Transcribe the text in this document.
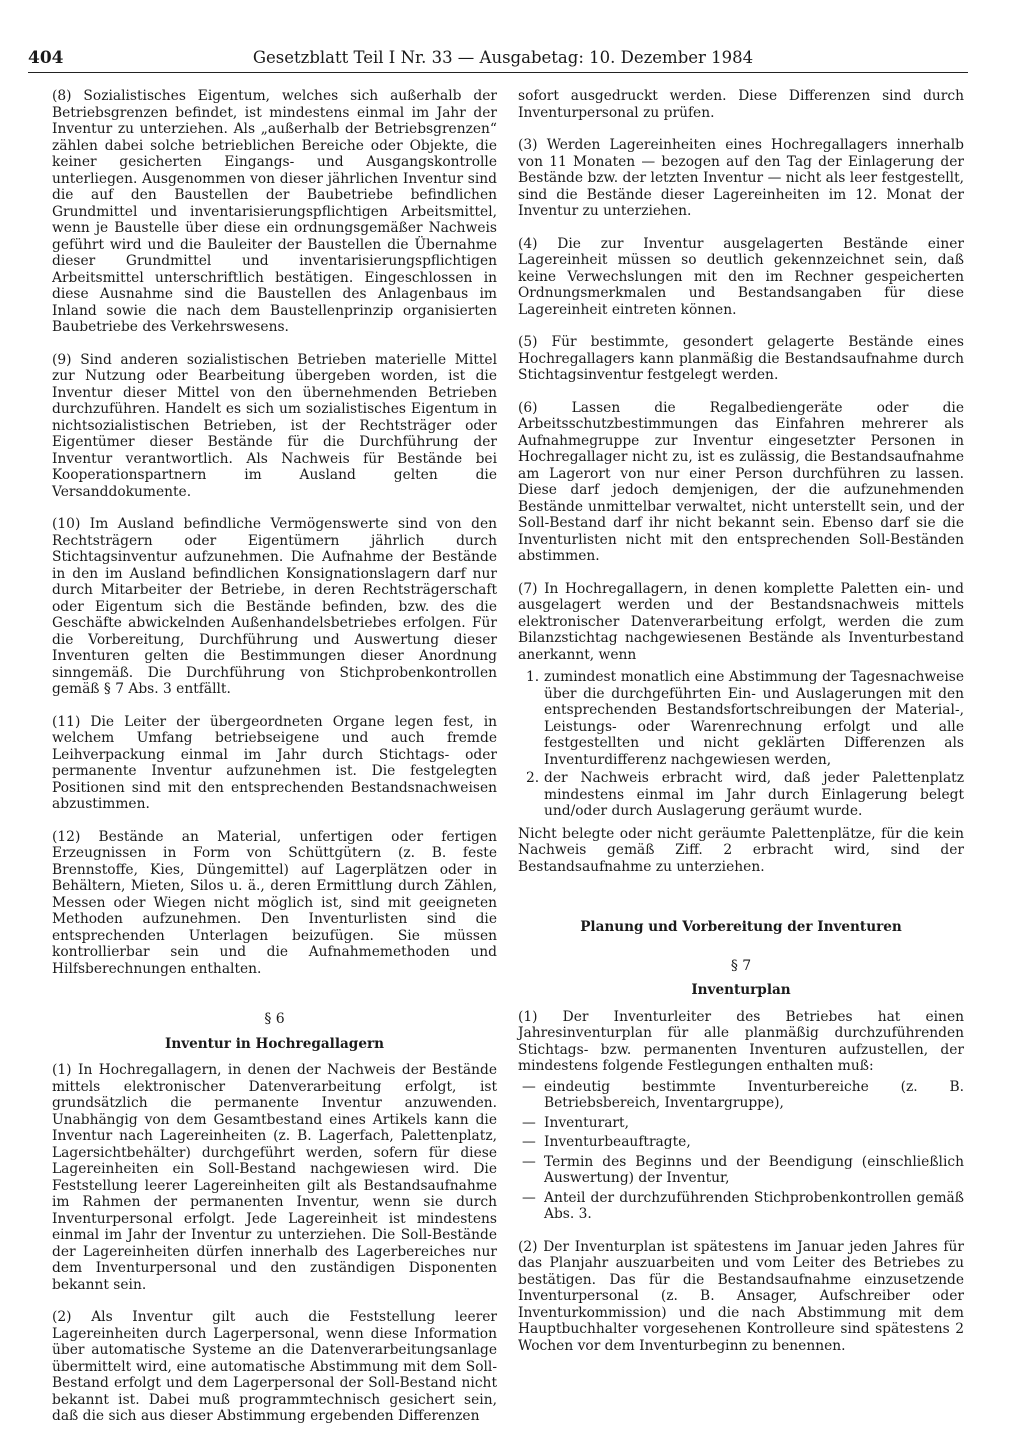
404	Gesetzblatt Teil I Nr. 33 — Ausgabetag: 10. Dezember 1984

(8) Sozialistisches Eigentum, welches sich außerhalb der Betriebsgrenzen befindet, ist mindestens einmal im Jahr der Inventur zu unterziehen. Als „außerhalb der Betriebsgrenzen“ zählen dabei solche betrieblichen Bereiche oder Objekte, die keiner gesicherten Eingangs- und Ausgangskontrolle unterliegen. Ausgenommen von dieser jährlichen Inventur sind die auf den Baustellen der Baubetriebe befindlichen Grundmittel und inventarisierungspflichtigen Arbeitsmittel, wenn je Baustelle über diese ein ordnungsgemäßer Nachweis geführt wird und die Bauleiter der Baustellen die Übernahme dieser Grundmittel und inventarisierungspflichtigen Arbeitsmittel unterschriftlich bestätigen. Eingeschlossen in diese Ausnahme sind die Baustellen des Anlagenbaus im Inland sowie die nach dem Baustellenprinzip organisierten Baubetriebe des Verkehrswesens.

(9) Sind anderen sozialistischen Betrieben materielle Mittel zur Nutzung oder Bearbeitung übergeben worden, ist die Inventur dieser Mittel von den übernehmenden Betrieben durchzuführen. Handelt es sich um sozialistisches Eigentum in nichtsozialistischen Betrieben, ist der Rechtsträger oder Eigentümer dieser Bestände für die Durchführung der Inventur verantwortlich. Als Nachweis für Bestände bei Kooperationspartnern im Ausland gelten die Versanddokumente.

(10) Im Ausland befindliche Vermögenswerte sind von den Rechtsträgern oder Eigentümern jährlich durch Stichtagsinventur aufzunehmen. Die Aufnahme der Bestände in den im Ausland befindlichen Konsignationslagern darf nur durch Mitarbeiter der Betriebe, in deren Rechtsträgerschaft oder Eigentum sich die Bestände befinden, bzw. des die Geschäfte abwickelnden Außenhandelsbetriebes erfolgen. Für die Vorbereitung, Durchführung und Auswertung dieser Inventuren gelten die Bestimmungen dieser Anordnung sinngemäß. Die Durchführung von Stichprobenkontrollen gemäß § 7 Abs. 3 entfällt.

(11) Die Leiter der übergeordneten Organe legen fest, in welchem Umfang betriebseigene und auch fremde Leihverpackung einmal im Jahr durch Stichtags- oder permanente Inventur aufzunehmen ist. Die festgelegten Positionen sind mit den entsprechenden Bestandsnachweisen abzustimmen.

(12) Bestände an Material, unfertigen oder fertigen Erzeugnissen in Form von Schüttgütern (z. B. feste Brennstoffe, Kies, Düngemittel) auf Lagerplätzen oder in Behältern, Mieten, Silos u. ä., deren Ermittlung durch Zählen, Messen oder Wiegen nicht möglich ist, sind mit geeigneten Methoden aufzunehmen. Den Inventurlisten sind die entsprechenden Unterlagen beizufügen. Sie müssen kontrollierbar sein und die Aufnahmemethoden und Hilfsberechnungen enthalten.

§ 6

Inventur in Hochregallagern

(1) In Hochregallagern, in denen der Nachweis der Bestände mittels elektronischer Datenverarbeitung erfolgt, ist grundsätzlich die permanente Inventur anzuwenden. Unabhängig von dem Gesamtbestand eines Artikels kann die Inventur nach Lagereinheiten (z. B. Lagerfach, Palettenplatz, Lagersichtbehälter) durchgeführt werden, sofern für diese Lagereinheiten ein Soll-Bestand nachgewiesen wird. Die Feststellung leerer Lagereinheiten gilt als Bestandsaufnahme im Rahmen der permanenten Inventur, wenn sie durch Inventurpersonal erfolgt. Jede Lagereinheit ist mindestens einmal im Jahr der Inventur zu unterziehen. Die Soll-Bestände der Lagereinheiten dürfen innerhalb des Lagerbereiches nur dem Inventurpersonal und den zuständigen Disponenten bekannt sein.

(2) Als Inventur gilt auch die Feststellung leerer Lagereinheiten durch Lagerpersonal, wenn diese Information über automatische Systeme an die Datenverarbeitungsanlage übermittelt wird, eine automatische Abstimmung mit dem Soll-Bestand erfolgt und dem Lagerpersonal der Soll-Bestand nicht bekannt ist. Dabei muß programmtechnisch gesichert sein, daß die sich aus dieser Abstimmung ergebenden Differenzen

sofort ausgedruckt werden. Diese Differenzen sind durch Inventurpersonal zu prüfen.

(3) Werden Lagereinheiten eines Hochregallagers innerhalb von 11 Monaten — bezogen auf den Tag der Einlagerung der Bestände bzw. der letzten Inventur — nicht als leer festgestellt, sind die Bestände dieser Lagereinheiten im 12. Monat der Inventur zu unterziehen.

(4) Die zur Inventur ausgelagerten Bestände einer Lagereinheit müssen so deutlich gekennzeichnet sein, daß keine Verwechslungen mit den im Rechner gespeicherten Ordnungsmerkmalen und Bestandsangaben für diese Lagereinheit eintreten können.

(5) Für bestimmte, gesondert gelagerte Bestände eines Hochregallagers kann planmäßig die Bestandsaufnahme durch Stichtagsinventur festgelegt werden.

(6) Lassen die Regalbediengeräte oder die Arbeitsschutzbestimmungen das Einfahren mehrerer als Aufnahmegruppe zur Inventur eingesetzter Personen in Hochregallager nicht zu, ist es zulässig, die Bestandsaufnahme am Lagerort von nur einer Person durchführen zu lassen. Diese darf jedoch demjenigen, der die aufzunehmenden Bestände unmittelbar verwaltet, nicht unterstellt sein, und der Soll-Bestand darf ihr nicht bekannt sein. Ebenso darf sie die Inventurlisten nicht mit den entsprechenden Soll-Beständen abstimmen.

(7) In Hochregallagern, in denen komplette Paletten ein- und ausgelagert werden und der Bestandsnachweis mittels elektronischer Datenverarbeitung erfolgt, werden die zum Bilanzstichtag nachgewiesenen Bestände als Inventurbestand anerkannt, wenn

1. zumindest monatlich eine Abstimmung der Tagesnachweise über die durchgeführten Ein- und Auslagerungen mit den entsprechenden Bestandsfortschreibungen der Material-, Leistungs- oder Warenrechnung erfolgt und alle festgestellten und nicht geklärten Differenzen als Inventurdifferenz nachgewiesen werden,
2. der Nachweis erbracht wird, daß jeder Palettenplatz mindestens einmal im Jahr durch Einlagerung belegt und/oder durch Auslagerung geräumt wurde.

Nicht belegte oder nicht geräumte Palettenplätze, für die kein Nachweis gemäß Ziff. 2 erbracht wird, sind der Bestandsaufnahme zu unterziehen.

Planung und Vorbereitung der Inventuren

§ 7

Inventurplan

(1) Der Inventurleiter des Betriebes hat einen Jahresinventurplan für alle planmäßig durchzuführenden Stichtags- bzw. permanenten Inventuren aufzustellen, der mindestens folgende Festlegungen enthalten muß:

— eindeutig bestimmte Inventurbereiche (z. B. Betriebsbereich, Inventargruppe),
— Inventurart,
— Inventurbeauftragte,
— Termin des Beginns und der Beendigung (einschließlich Auswertung) der Inventur,
— Anteil der durchzuführenden Stichprobenkontrollen gemäß Abs. 3.

(2) Der Inventurplan ist spätestens im Januar jeden Jahres für das Planjahr auszuarbeiten und vom Leiter des Betriebes zu bestätigen. Das für die Bestandsaufnahme einzusetzende Inventurpersonal (z. B. Ansager, Aufschreiber oder Inventurkommission) und die nach Abstimmung mit dem Hauptbuchhalter vorgesehenen Kontrolleure sind spätestens 2 Wochen vor dem Inventurbeginn zu benennen.
